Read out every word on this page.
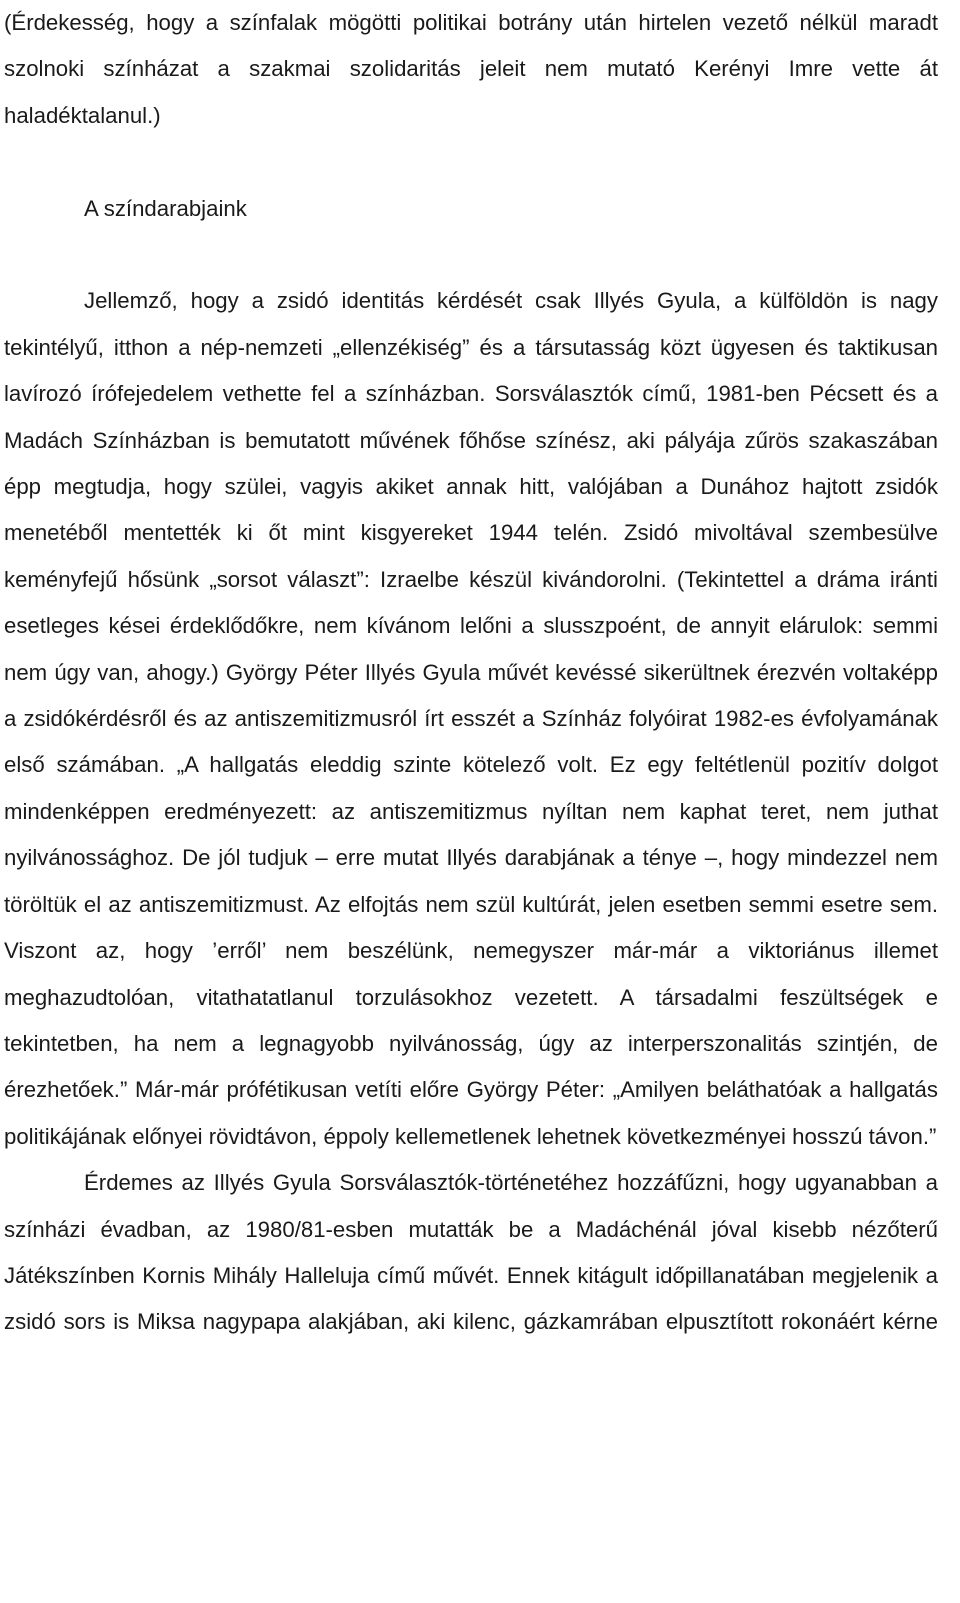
(Érdekesség, hogy a színfalak mögötti politikai botrány után hirtelen vezető nélkül maradt szolnoki színházat a szakmai szolidaritás jeleit nem mutató Kerényi Imre vette át haladéktalanul.)

A színdarabjaink

Jellemző, hogy a zsidó identitás kérdését csak Illyés Gyula, a külföldön is nagy tekintélyű, itthon a nép-nemzeti „ellenzékiség” és a társutasság közt ügyesen és taktikusan lavírozó írófejedelem vethette fel a színházban. Sorsválasztók című, 1981-ben Pécsett és a Madách Színházban is bemutatott művének főhőse színész, aki pályája zűrös szakaszában épp megtudja, hogy szülei, vagyis akiket annak hitt, valójában a Dunához hajtott zsidók menetéből mentették ki őt mint kisgyereket 1944 telén. Zsidó mivoltával szembesülve keményfejű hősünk „sorsot választ”: Izraelbe készül kivándorolni. (Tekintettel a dráma iránti esetleges kései érdeklődőkre, nem kívánom lelőni a slusszpoént, de annyit elárulok: semmi nem úgy van, ahogy.) György Péter Illyés Gyula művét kevéssé sikerültnek érezvén voltaképp a zsidókérdésről és az antiszemitizmusról írt esszét a Színház folyóirat 1982-es évfolyamának első számában. „A hallgatás eleddig szinte kötelező volt. Ez egy feltétlenül pozitív dolgot mindenképpen eredményezett: az antiszemitizmus nyíltan nem kaphat teret, nem juthat nyilvánossághoz. De jól tudjuk – erre mutat Illyés darabjának a ténye –, hogy mindezzel nem töröltük el az antiszemitizmust. Az elfojtás nem szül kultúrát, jelen esetben semmi esetre sem. Viszont az, hogy ’erről’ nem beszélünk, nemegyszer már-már a viktoriánus illemet meghazudtolóan, vitathatatlanul torzulásokhoz vezetett. A társadalmi feszültségek e tekintetben, ha nem a legnagyobb nyilvánosság, úgy az interperszonalitás szintjén, de érezhetőek.” Már-már prófétikusan vetíti előre György Péter: „Amilyen beláthatóak a hallgatás politikájának előnyei rövidtávon, éppoly kellemetlenek lehetnek következményei hosszú távon.”

Érdemes az Illyés Gyula Sorsválasztók-történetéhez hozzáfűzni, hogy ugyanabban a színházi évadban, az 1980/81-esben mutatták be a Madáchénál jóval kisebb nézőterű Játékszínben Kornis Mihály Halleluja című művét. Ennek kitágult időpillanatában megjelenik a zsidó sors is Miksa nagypapa alakjában, aki kilenc, gázkamrában elpusztított rokonáért kérne
